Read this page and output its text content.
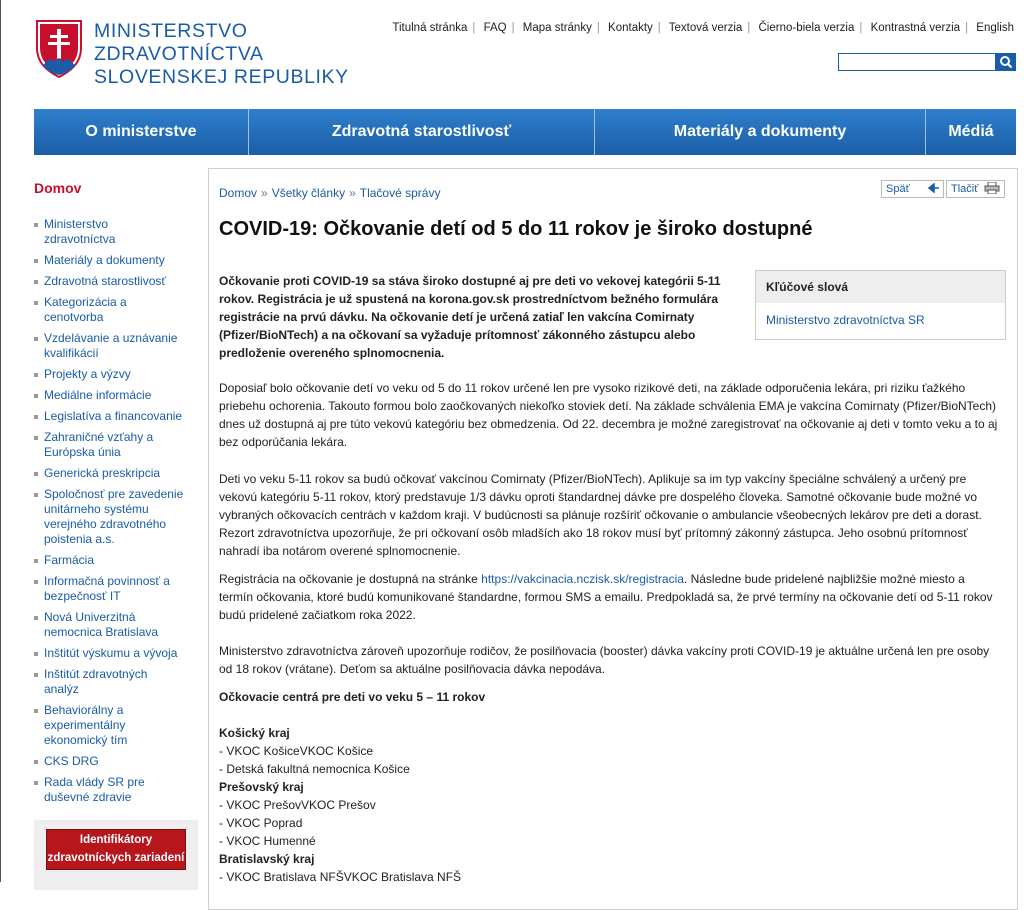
MINISTERSTVO
ZDRAVOTNÍCTVA
SLOVENSKEJ REPUBLIKY
Titulná stránka | FAQ | Mapa stránky | Kontakty | Textová verzia | Čierno-biela verzia | Kontrastná verzia | English
O ministerstve	Zdravotná starostlivosť	Materiály a dokumenty	Médiá
Domov
Ministerstvo zdravotníctva
Materiály a dokumenty
Zdravotná starostlivosť
Kategorizácia a cenotvorba
Vzdelávanie a uznávanie kvalifikácií
Projekty a výzvy
Mediálne informácie
Legislatíva a financovanie
Zahraničné vzťahy a Európska únia
Generická preskripcia
Spoločnosť pre zavedenie unitárneho systému verejného zdravotného poistenia a.s.
Farmácia
Informačná povinnosť a bezpečnosť IT
Nová Univerzitná nemocnica Bratislava
Inštitút výskumu a vývoja
Inštitút zdravotných analýz
Behaviorálny a experimentálny ekonomický tím
CKS DRG
Rada vlády SR pre duševné zdravie
Identifikátory
zdravotníckych zariadení
Domov » Všetky články » Tlačové správy	Späť	Tlačiť
COVID-19: Očkovanie detí od 5 do 11 rokov je široko dostupné
Kľúčové slová
Ministerstvo zdravotníctva SR
Očkovanie proti COVID-19 sa stáva široko dostupné aj pre deti vo vekovej kategórii 5-11 rokov. Registrácia je už spustená na korona.gov.sk prostredníctvom bežného formulára registrácie na prvú dávku. Na očkovanie detí je určená zatiaľ len vakcína Comirnaty (Pfizer/BioNTech) a na očkovaní sa vyžaduje prítomnosť zákonného zástupcu alebo predloženie overeného splnomocnenia.
Doposiaľ bolo očkovanie detí vo veku od 5 do 11 rokov určené len pre vysoko rizikové deti, na základe odporučenia lekára, pri riziku ťažkého priebehu ochorenia. Takouto formou bolo zaočkovaných niekoľko stoviek detí. Na základe schválenia EMA je vakcína Comirnaty (Pfizer/BioNTech) dnes už dostupná aj pre túto vekovú kategóriu bez obmedzenia. Od 22. decembra je možné zaregistrovať na očkovanie aj deti v tomto veku a to aj bez odporúčania lekára.
Deti vo veku 5-11 rokov sa budú očkovať vakcínou Comirnaty (Pfizer/BioNTech). Aplikuje sa im typ vakcíny špeciálne schválený a určený pre vekovú kategóriu 5-11 rokov, ktorý predstavuje 1/3 dávku oproti štandardnej dávke pre dospelého človeka. Samotné očkovanie bude možné vo vybraných očkovacích centrách v každom kraji. V budúcnosti sa plánuje rozšíriť očkovanie o ambulancie všeobecných lekárov pre deti a dorast. Rezort zdravotníctva upozorňuje, že pri očkovaní osôb mladších ako 18 rokov musí byť prítomný zákonný zástupca. Jeho osobnú prítomnosť nahradí iba notárom overené splnomocnenie.
Registrácia na očkovanie je dostupná na stránke https://vakcinacia.nczisk.sk/registracia. Následne bude pridelené najbližšie možné miesto a termín očkovania, ktoré budú komunikované štandardne, formou SMS a emailu. Predpokladá sa, že prvé termíny na očkovanie detí od 5-11 rokov budú pridelené začiatkom roka 2022.
Ministerstvo zdravotníctva zároveň upozorňuje rodičov, že posilňovacia (booster) dávka vakcíny proti COVID-19 je aktuálne určená len pre osoby od 18 rokov (vrátane). Deťom sa aktuálne posilňovacia dávka nepodáva.
Očkovacie centrá pre deti vo veku 5 – 11 rokov
Košický kraj
- VKOC KošiceVKOC Košice
- Detská fakultná nemocnica Košice
Prešovský kraj
- VKOC PrešovVKOC Prešov
- VKOC Poprad
- VKOC Humenné
Bratislavský kraj
- VKOC Bratislava NFŠVKOC Bratislava NFŠ
